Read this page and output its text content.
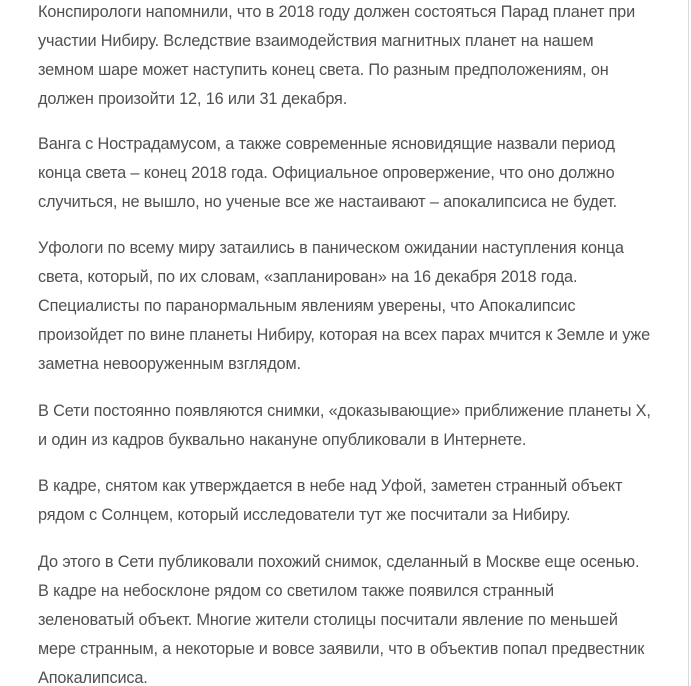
Конспирологи напомнили, что в 2018 году должен состояться Парад планет при
участии Нибиру. Вследствие взаимодействия магнитных планет на нашем
земном шаре может наступить конец света. По разным предположениям, он
должен произойти 12, 16 или 31 декабря.

Ванга с Нострадамусом, а также современные ясновидящие назвали период
конца света – конец 2018 года. Официальное опровержение, что оно должно
случиться, не вышло, но ученые все же настаивают – апокалипсиса не будет.

Уфологи по всему миру затаились в паническом ожидании наступления конца
света, который, по их словам, «запланирован» на 16 декабря 2018 года.
Специалисты по паранормальным явлениям уверены, что Апокалипсис
произойдет по вине планеты Нибиру, которая на всех парах мчится к Земле и уже
заметна невооруженным взглядом.

В Сети постоянно появляются снимки, «доказывающие» приближение планеты Х,
и один из кадров буквально накануне опубликовали в Интернете.

В кадре, снятом как утверждается в небе над Уфой, заметен странный объект
рядом с Солнцем, который исследователи тут же посчитали за Нибиру.

До этого в Сети публиковали похожий снимок, сделанный в Москве еще осенью.
В кадре на небосклоне рядом со светилом также появился странный
зеленоватый объект. Многие жители столицы посчитали явление по меньшей
мере странным, а некоторые и вовсе заявили, что в объектив попал предвестник
Апокалипсиса.
